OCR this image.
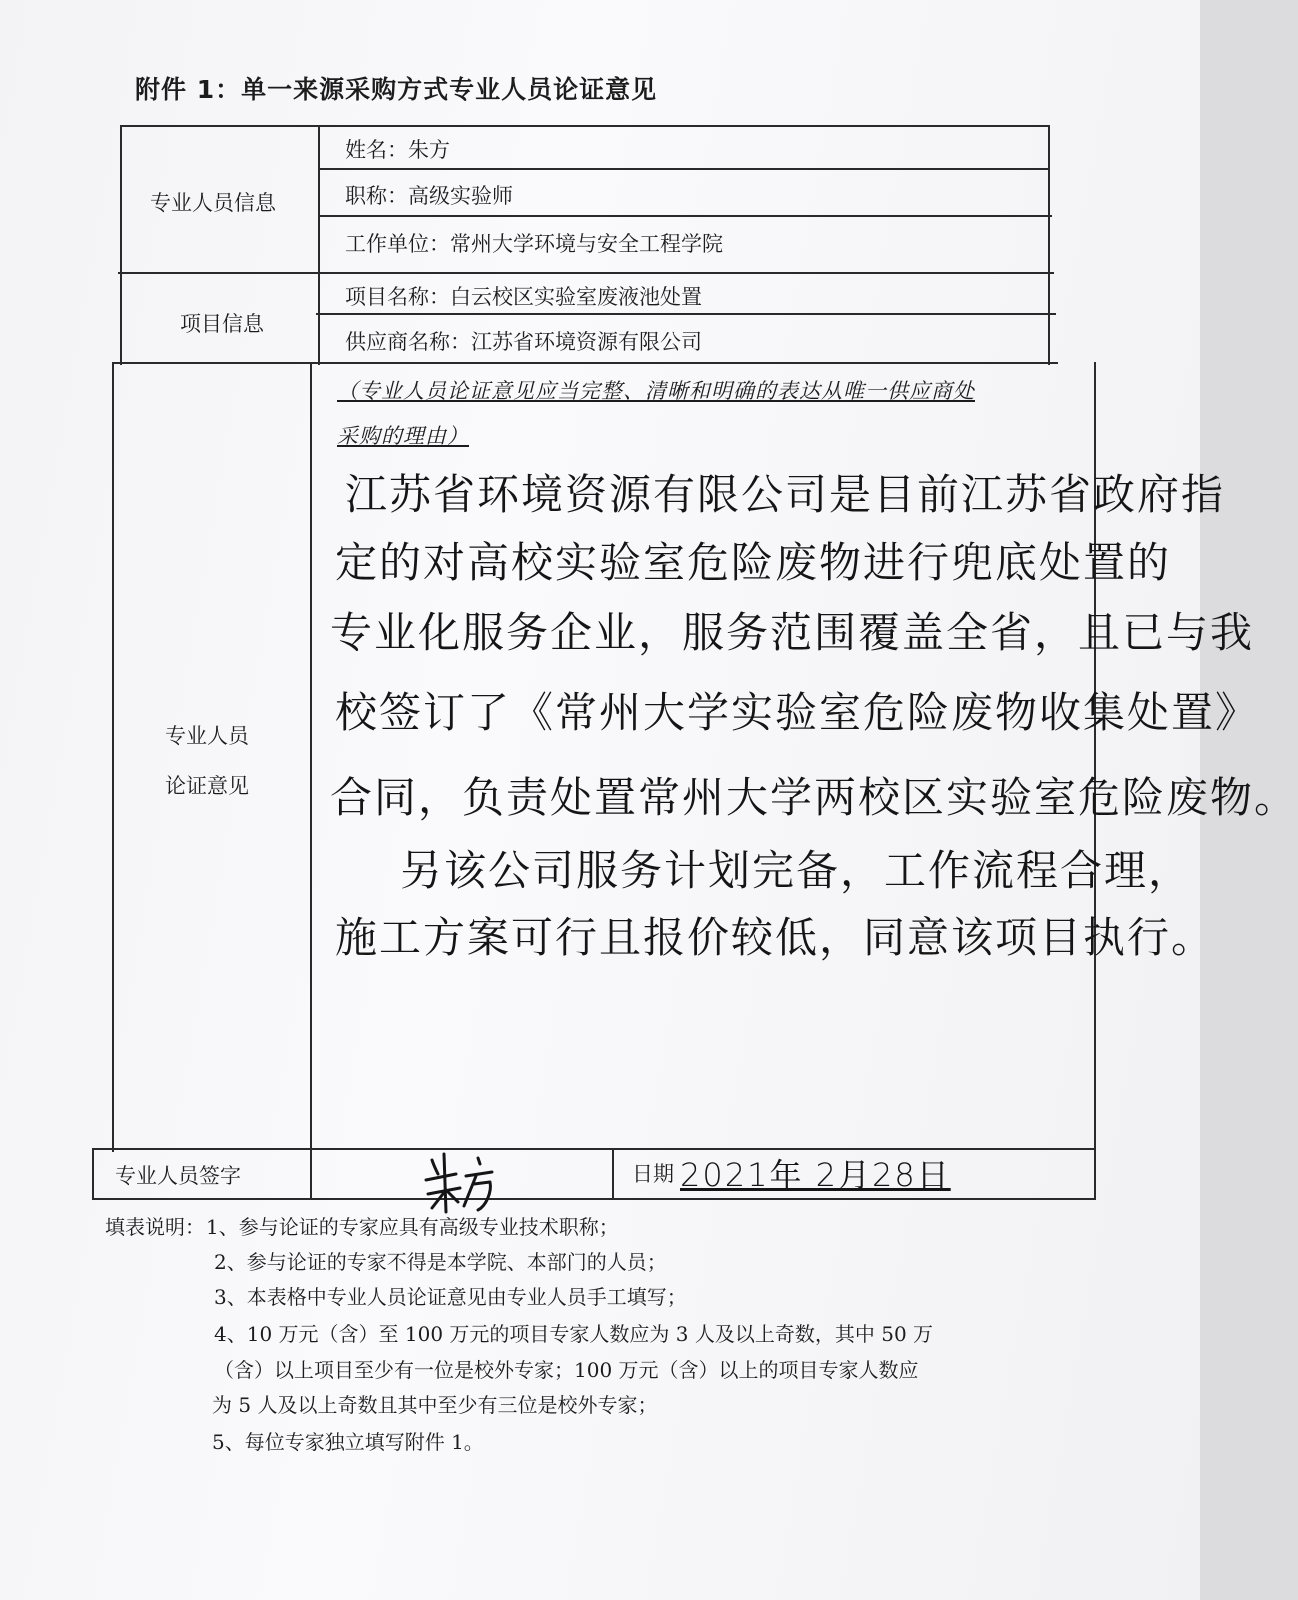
附件 1：单一来源采购方式专业人员论证意见
专业人员信息
姓名：朱方
职称：高级实验师
工作单位：常州大学环境与安全工程学院
项目信息
项目名称：白云校区实验室废液池处置
供应商名称：江苏省环境资源有限公司
专业人员
论证意见
（专业人员论证意见应当完整、清晰和明确的表达从唯一供应商处
采购的理由）
江苏省环境资源有限公司是目前江苏省政府指
定的对高校实验室危险废物进行兜底处置的
专业化服务企业，服务范围覆盖全省，且已与我
校签订了《常州大学实验室危险废物收集处置》
合同，负责处置常州大学两校区实验室危险废物。
另该公司服务计划完备，工作流程合理，
施工方案可行且报价较低，同意该项目执行。
专业人员签字	日期 2021年 2月28日
填表说明： 1、参与论证的专家应具有高级专业技术职称；
2、参与论证的专家不得是本学院、本部门的人员；
3、本表格中专业人员论证意见由专业人员手工填写；
4、10 万元（含）至 100 万元的项目专家人数应为 3 人及以上奇数，其中 50 万
（含）以上项目至少有一位是校外专家；100 万元（含）以上的项目专家人数应
为 5 人及以上奇数且其中至少有三位是校外专家；
5、每位专家独立填写附件 1。
